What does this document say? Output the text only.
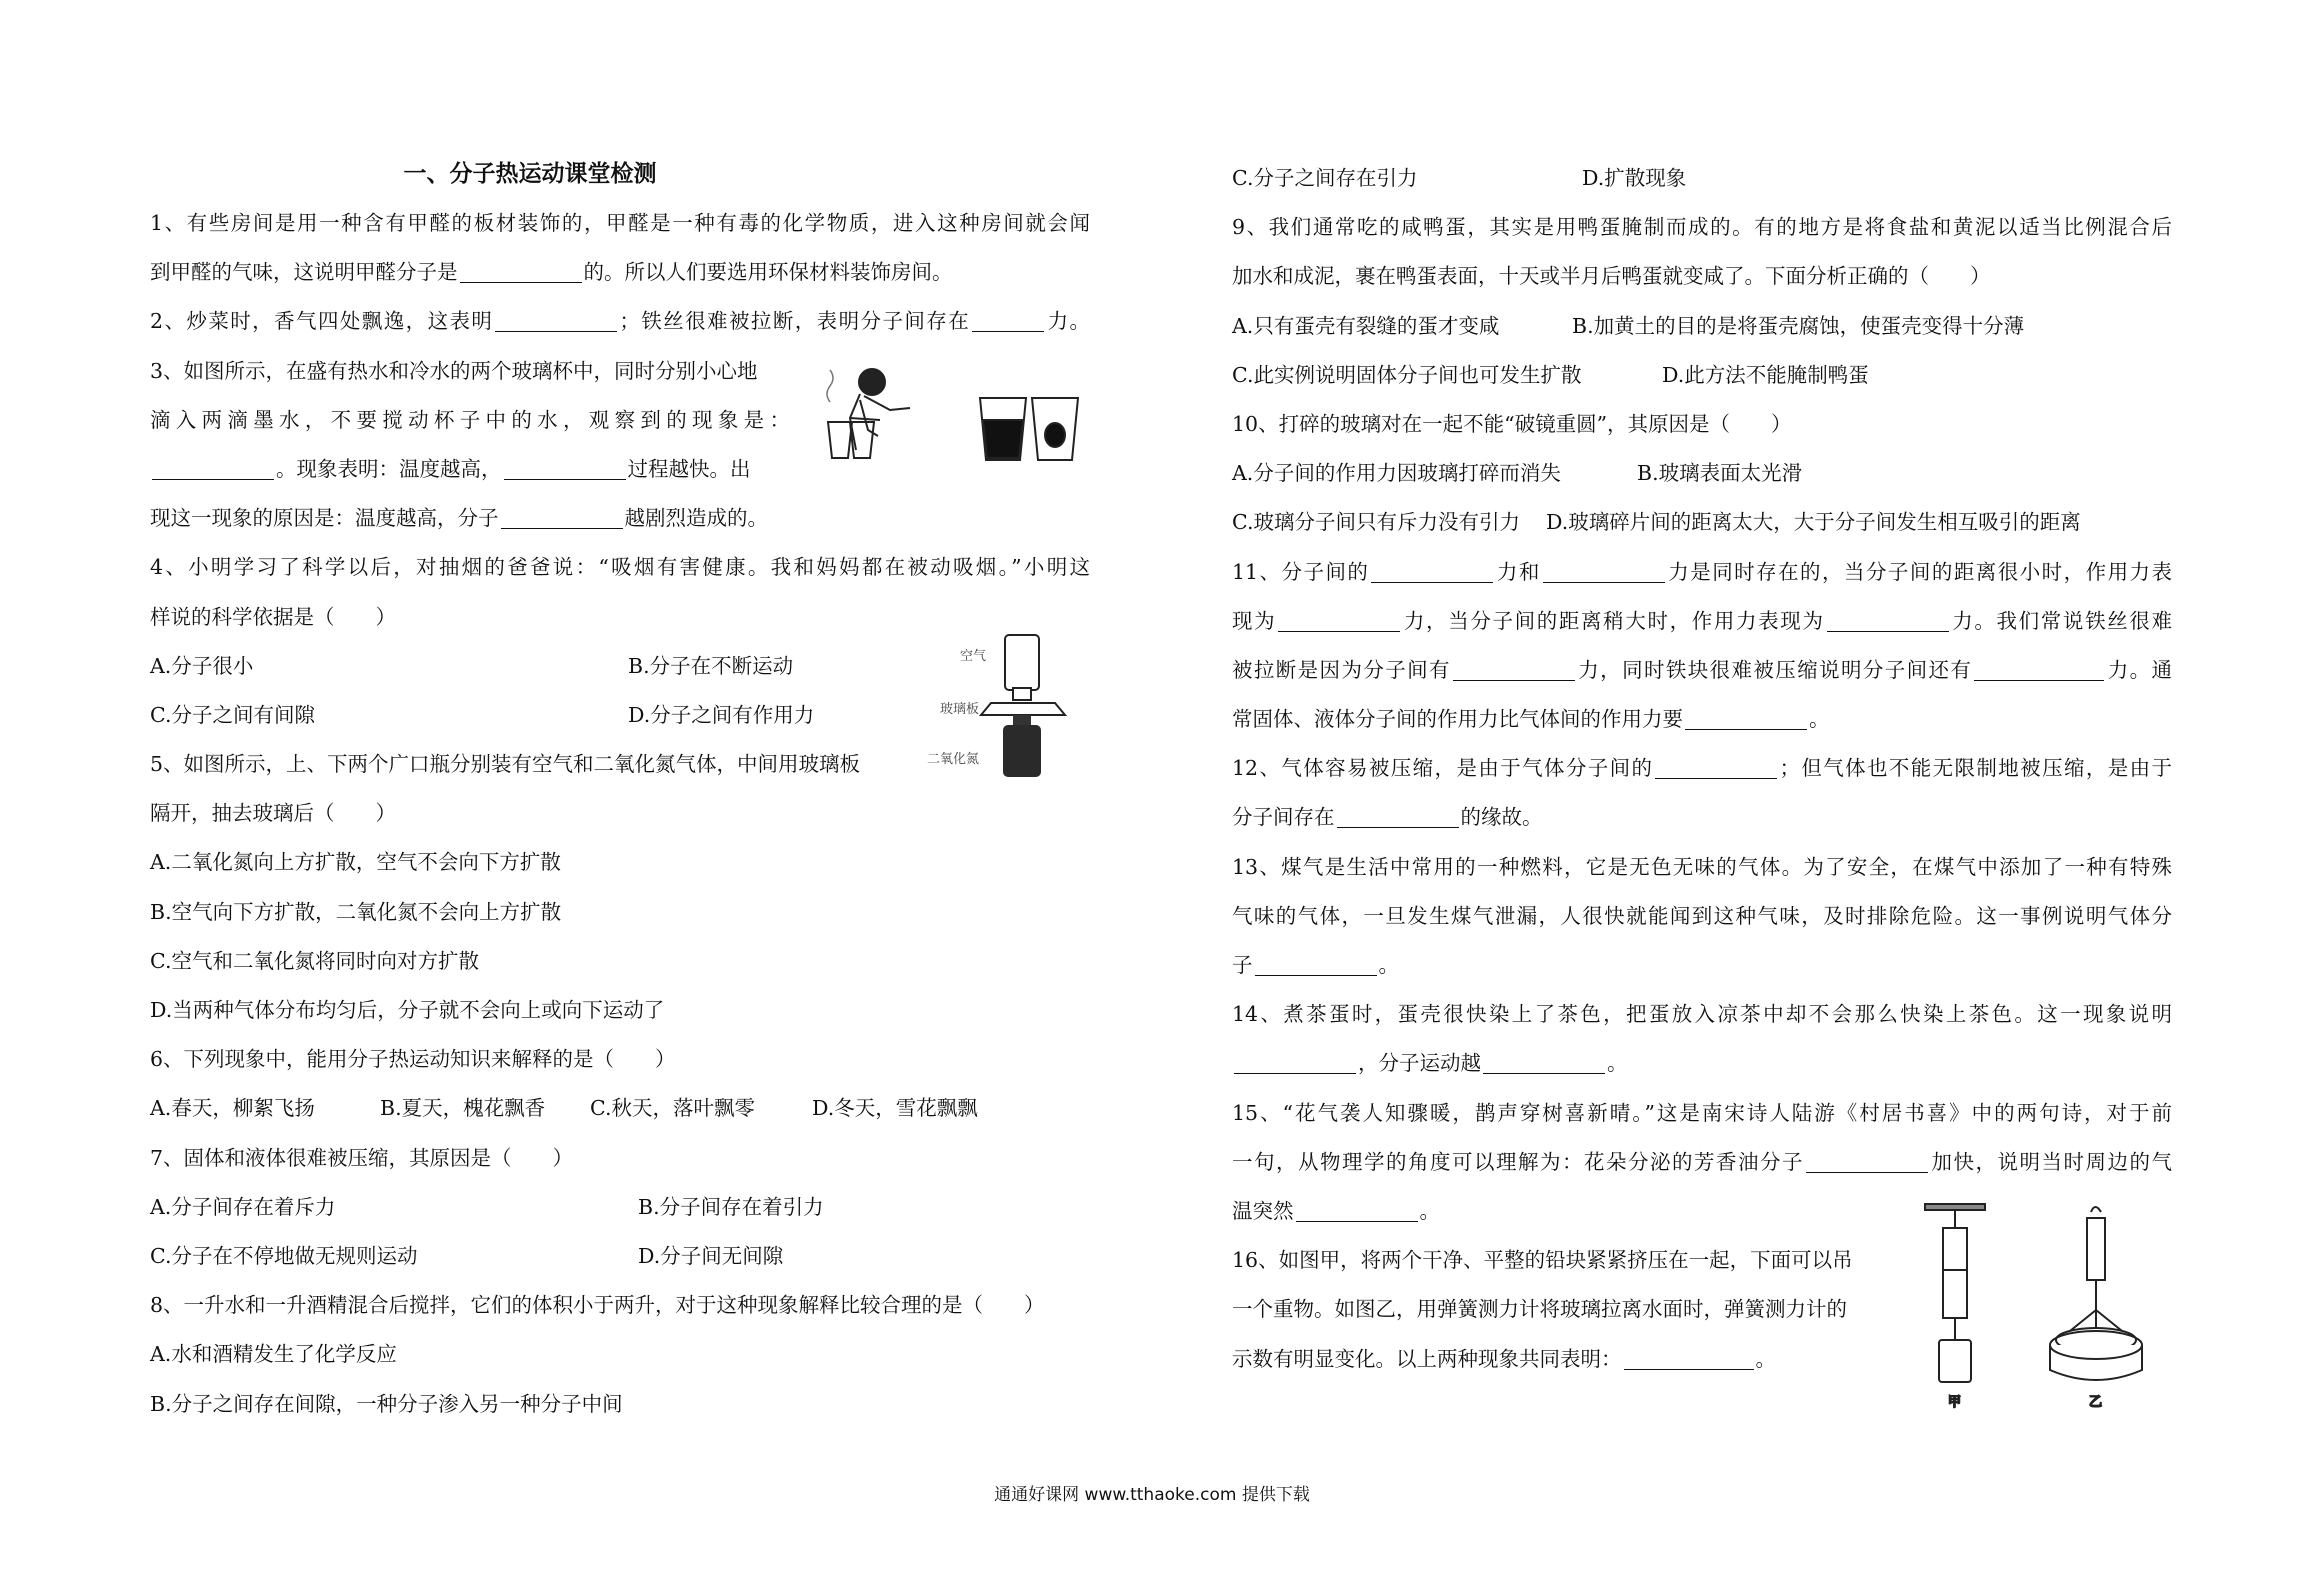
一、分子热运动课堂检测
1、有些房间是用一种含有甲醛的板材装饰的，甲醛是一种有毒的化学物质，进入这种房间就会闻
到甲醛的气味，这说明甲醛分子是	的。所以人们要选用环保材料装饰房间。
2、炒菜时，香气四处飘逸，这表明	；铁丝很难被拉断，表明分子间存在	力。
3、如图所示，在盛有热水和冷水的两个玻璃杯中，同时分别小心地
滴入两滴墨水，不要搅动杯子中的水，观察到的现象是：
。现象表明：温度越高，	过程越快。出
现这一现象的原因是：温度越高，分子	越剧烈造成的。
4、小明学习了科学以后，对抽烟的爸爸说：“吸烟有害健康。我和妈妈都在被动吸烟。”小明这
样说的科学依据是（　　）
A.分子很小	B.分子在不断运动
C.分子之间有间隙	D.分子之间有作用力
5、如图所示，上、下两个广口瓶分别装有空气和二氧化氮气体，中间用玻璃板
隔开，抽去玻璃后（　　）
A.二氧化氮向上方扩散，空气不会向下方扩散
B.空气向下方扩散，二氧化氮不会向上方扩散
C.空气和二氧化氮将同时向对方扩散
D.当两种气体分布均匀后，分子就不会向上或向下运动了
6、下列现象中，能用分子热运动知识来解释的是（　　）
A.春天，柳絮飞扬	B.夏天，槐花飘香 C.秋天，落叶飘零	D.冬天，雪花飘飘
7、固体和液体很难被压缩，其原因是（　　）
A.分子间存在着斥力	B.分子间存在着引力
C.分子在不停地做无规则运动	D.分子间无间隙
8、一升水和一升酒精混合后搅拌，它们的体积小于两升，对于这种现象解释比较合理的是（　　）
A.水和酒精发生了化学反应
B.分子之间存在间隙，一种分子渗入另一种分子中间
C.分子之间存在引力	D.扩散现象
9、我们通常吃的咸鸭蛋，其实是用鸭蛋腌制而成的。有的地方是将食盐和黄泥以适当比例混合后
加水和成泥，裹在鸭蛋表面，十天或半月后鸭蛋就变咸了。下面分析正确的（　　）
A.只有蛋壳有裂缝的蛋才变咸	B.加黄土的目的是将蛋壳腐蚀，使蛋壳变得十分薄
C.此实例说明固体分子间也可发生扩散	D.此方法不能腌制鸭蛋
10、打碎的玻璃对在一起不能“破镜重圆”，其原因是（　　）
A.分子间的作用力因玻璃打碎而消失	B.玻璃表面太光滑
C.玻璃分子间只有斥力没有引力 D.玻璃碎片间的距离太大，大于分子间发生相互吸引的距离
11、分子间的	力和	力是同时存在的，当分子间的距离很小时，作用力表
现为	力，当分子间的距离稍大时，作用力表现为	力。我们常说铁丝很难
被拉断是因为分子间有	力，同时铁块很难被压缩说明分子间还有	力。通
常固体、液体分子间的作用力比气体间的作用力要	。
12、气体容易被压缩，是由于气体分子间的	；但气体也不能无限制地被压缩，是由于
分子间存在	的缘故。
13、煤气是生活中常用的一种燃料，它是无色无味的气体。为了安全，在煤气中添加了一种有特殊
气味的气体，一旦发生煤气泄漏，人很快就能闻到这种气味，及时排除危险。这一事例说明气体分
子	。
14、煮茶蛋时，蛋壳很快染上了茶色，把蛋放入凉茶中却不会那么快染上茶色。这一现象说明
，分子运动越	。
15、“花气袭人知骤暖，鹊声穿树喜新晴。”这是南宋诗人陆游《村居书喜》中的两句诗，对于前
一句，从物理学的角度可以理解为：花朵分泌的芳香油分子	加快，说明当时周边的气
温突然	。
16、如图甲，将两个干净、平整的铅块紧紧挤压在一起，下面可以吊
一个重物。如图乙，用弹簧测力计将玻璃拉离水面时，弹簧测力计的
示数有明显变化。以上两种现象共同表明：	。
空气
玻璃板
二氧化氮
甲	乙
通通好课网 www.tthaoke.com 提供下载
